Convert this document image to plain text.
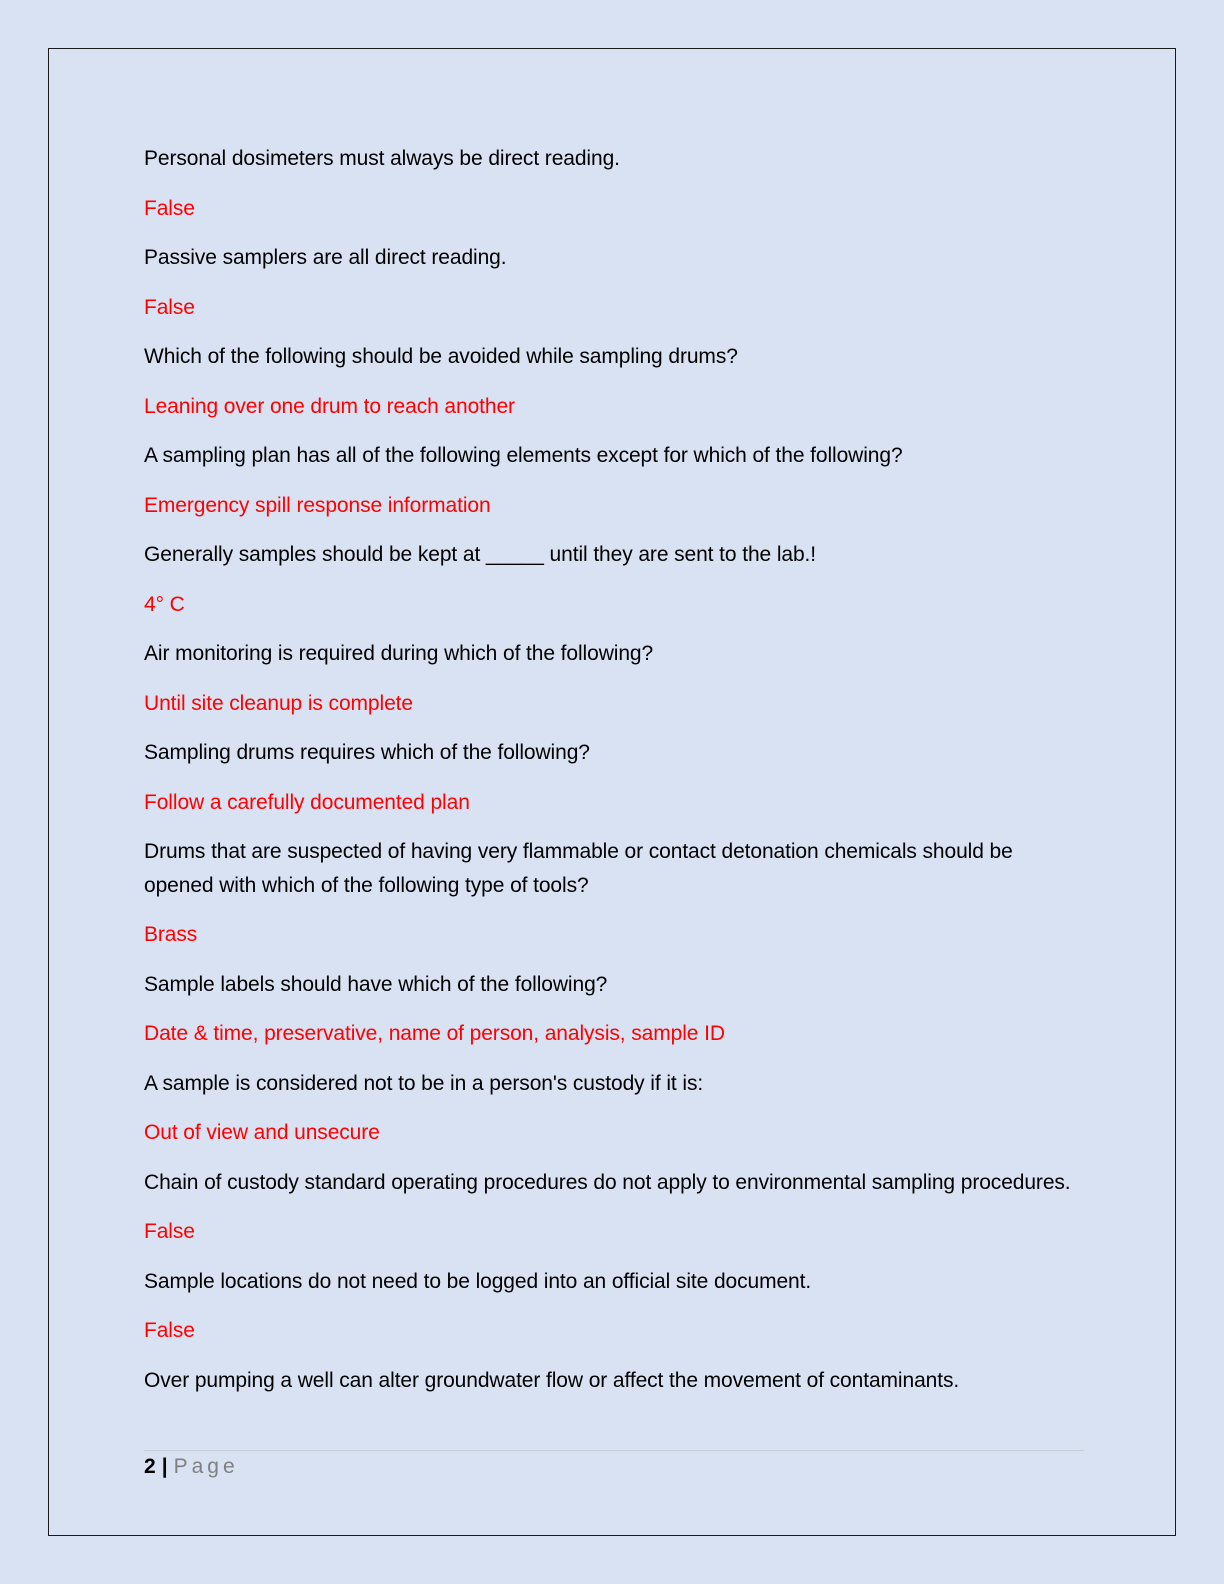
Personal dosimeters must always be direct reading.

False

Passive samplers are all direct reading.

False

Which of the following should be avoided while sampling drums?

Leaning over one drum to reach another

A sampling plan has all of the following elements except for which of the following?

Emergency spill response information

Generally samples should be kept at _____ until they are sent to the lab.!

4° C

Air monitoring is required during which of the following?

Until site cleanup is complete

Sampling drums requires which of the following?

Follow a carefully documented plan

Drums that are suspected of having very flammable or contact detonation chemicals should be opened with which of the following type of tools?

Brass

Sample labels should have which of the following?

Date & time, preservative, name of person, analysis, sample ID

A sample is considered not to be in a person's custody if it is:

Out of view and unsecure

Chain of custody standard operating procedures do not apply to environmental sampling procedures.

False

Sample locations do not need to be logged into an official site document.

False

Over pumping a well can alter groundwater flow or affect the movement of contaminants.

2 | Page
